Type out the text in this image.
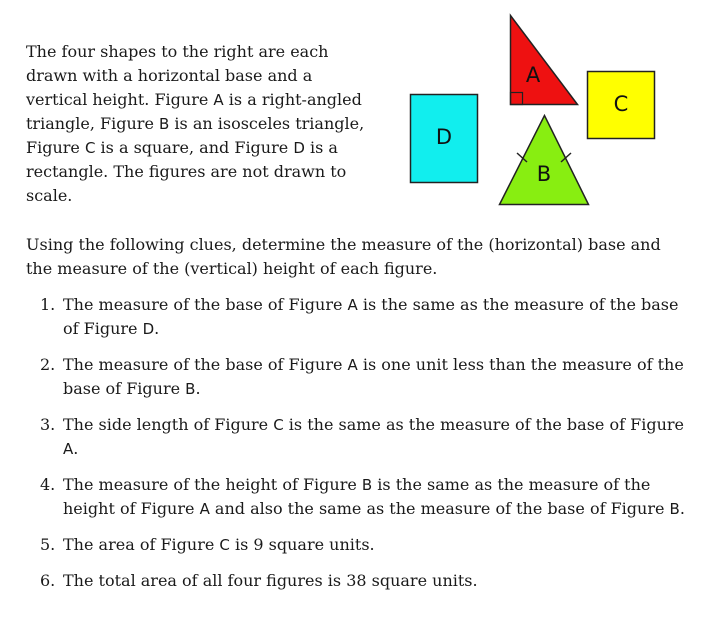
The four shapes to the right are each drawn with a horizontal base and a vertical height. Figure A is a right-angled triangle, Figure B is an isosceles triangle, Figure C is a square, and Figure D is a rectangle. The figures are not drawn to scale.

D
A
C
B

Using the following clues, determine the measure of the (horizontal) base and the measure of the (vertical) height of each figure.

1. The measure of the base of Figure A is the same as the measure of the base of Figure D.
2. The measure of the base of Figure A is one unit less than the measure of the base of Figure B.
3. The side length of Figure C is the same as the measure of the base of Figure A.
4. The measure of the height of Figure B is the same as the measure of the height of Figure A and also the same as the measure of the base of Figure B.
5. The area of Figure C is 9 square units.
6. The total area of all four figures is 38 square units.
